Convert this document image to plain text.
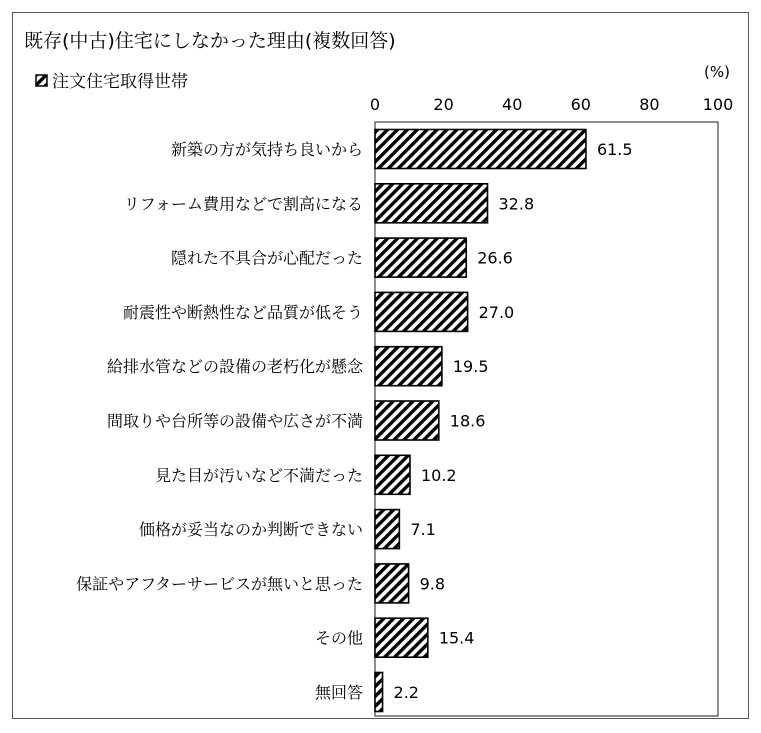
既存(中古)住宅にしなかった理由(複数回答)
注文住宅取得世帯	(%)
0	20	40	60	80	100
新築の方が気持ち良いから	61.5
リフォーム費用などで割高になる	32.8
隠れた不具合が心配だった	26.6
耐震性や断熱性など品質が低そう	27.0
給排水管などの設備の老朽化が懸念	19.5
間取りや台所等の設備や広さが不満	18.6
見た目が汚いなど不満だった	10.2
価格が妥当なのか判断できない	7.1
保証やアフターサービスが無いと思った	9.8
その他	15.4
無回答 2.2
